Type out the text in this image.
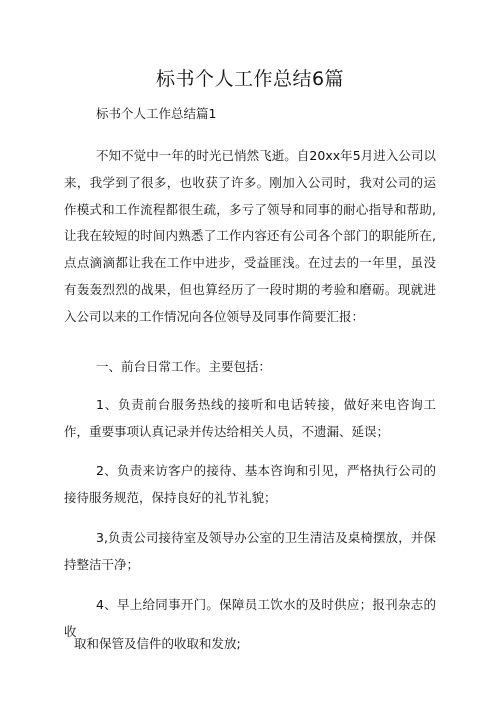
标书个人工作总结6篇

标书个人工作总结篇1

不知不觉中一年的时光已悄然飞逝。自20xx年5月进入公司以来，我学到了很多，也收获了许多。刚加入公司时，我对公司的运作模式和工作流程都很生疏，多亏了领导和同事的耐心指导和帮助,让我在较短的时间内熟悉了工作内容还有公司各个部门的职能所在,点点滴滴都让我在工作中进步，受益匪浅。在过去的一年里，虽没有轰轰烈烈的战果，但也算经历了一段时期的考验和磨砺。现就进入公司以来的工作情况向各位领导及同事作简要汇报：

一、前台日常工作。主要包括：

1、负责前台服务热线的接听和电话转接，做好来电咨询工作，重要事项认真记录并传达给相关人员，不遗漏、延误；

2、负责来访客户的接待、基本咨询和引见，严格执行公司的接待服务规范，保持良好的礼节礼貌；

3,负责公司接待室及领导办公室的卫生清洁及桌椅摆放，并保持整洁干净；

4、早上给同事开门。保障员工饮水的及时供应；报刊杂志的收

取和保管及信件的收取和发放;
